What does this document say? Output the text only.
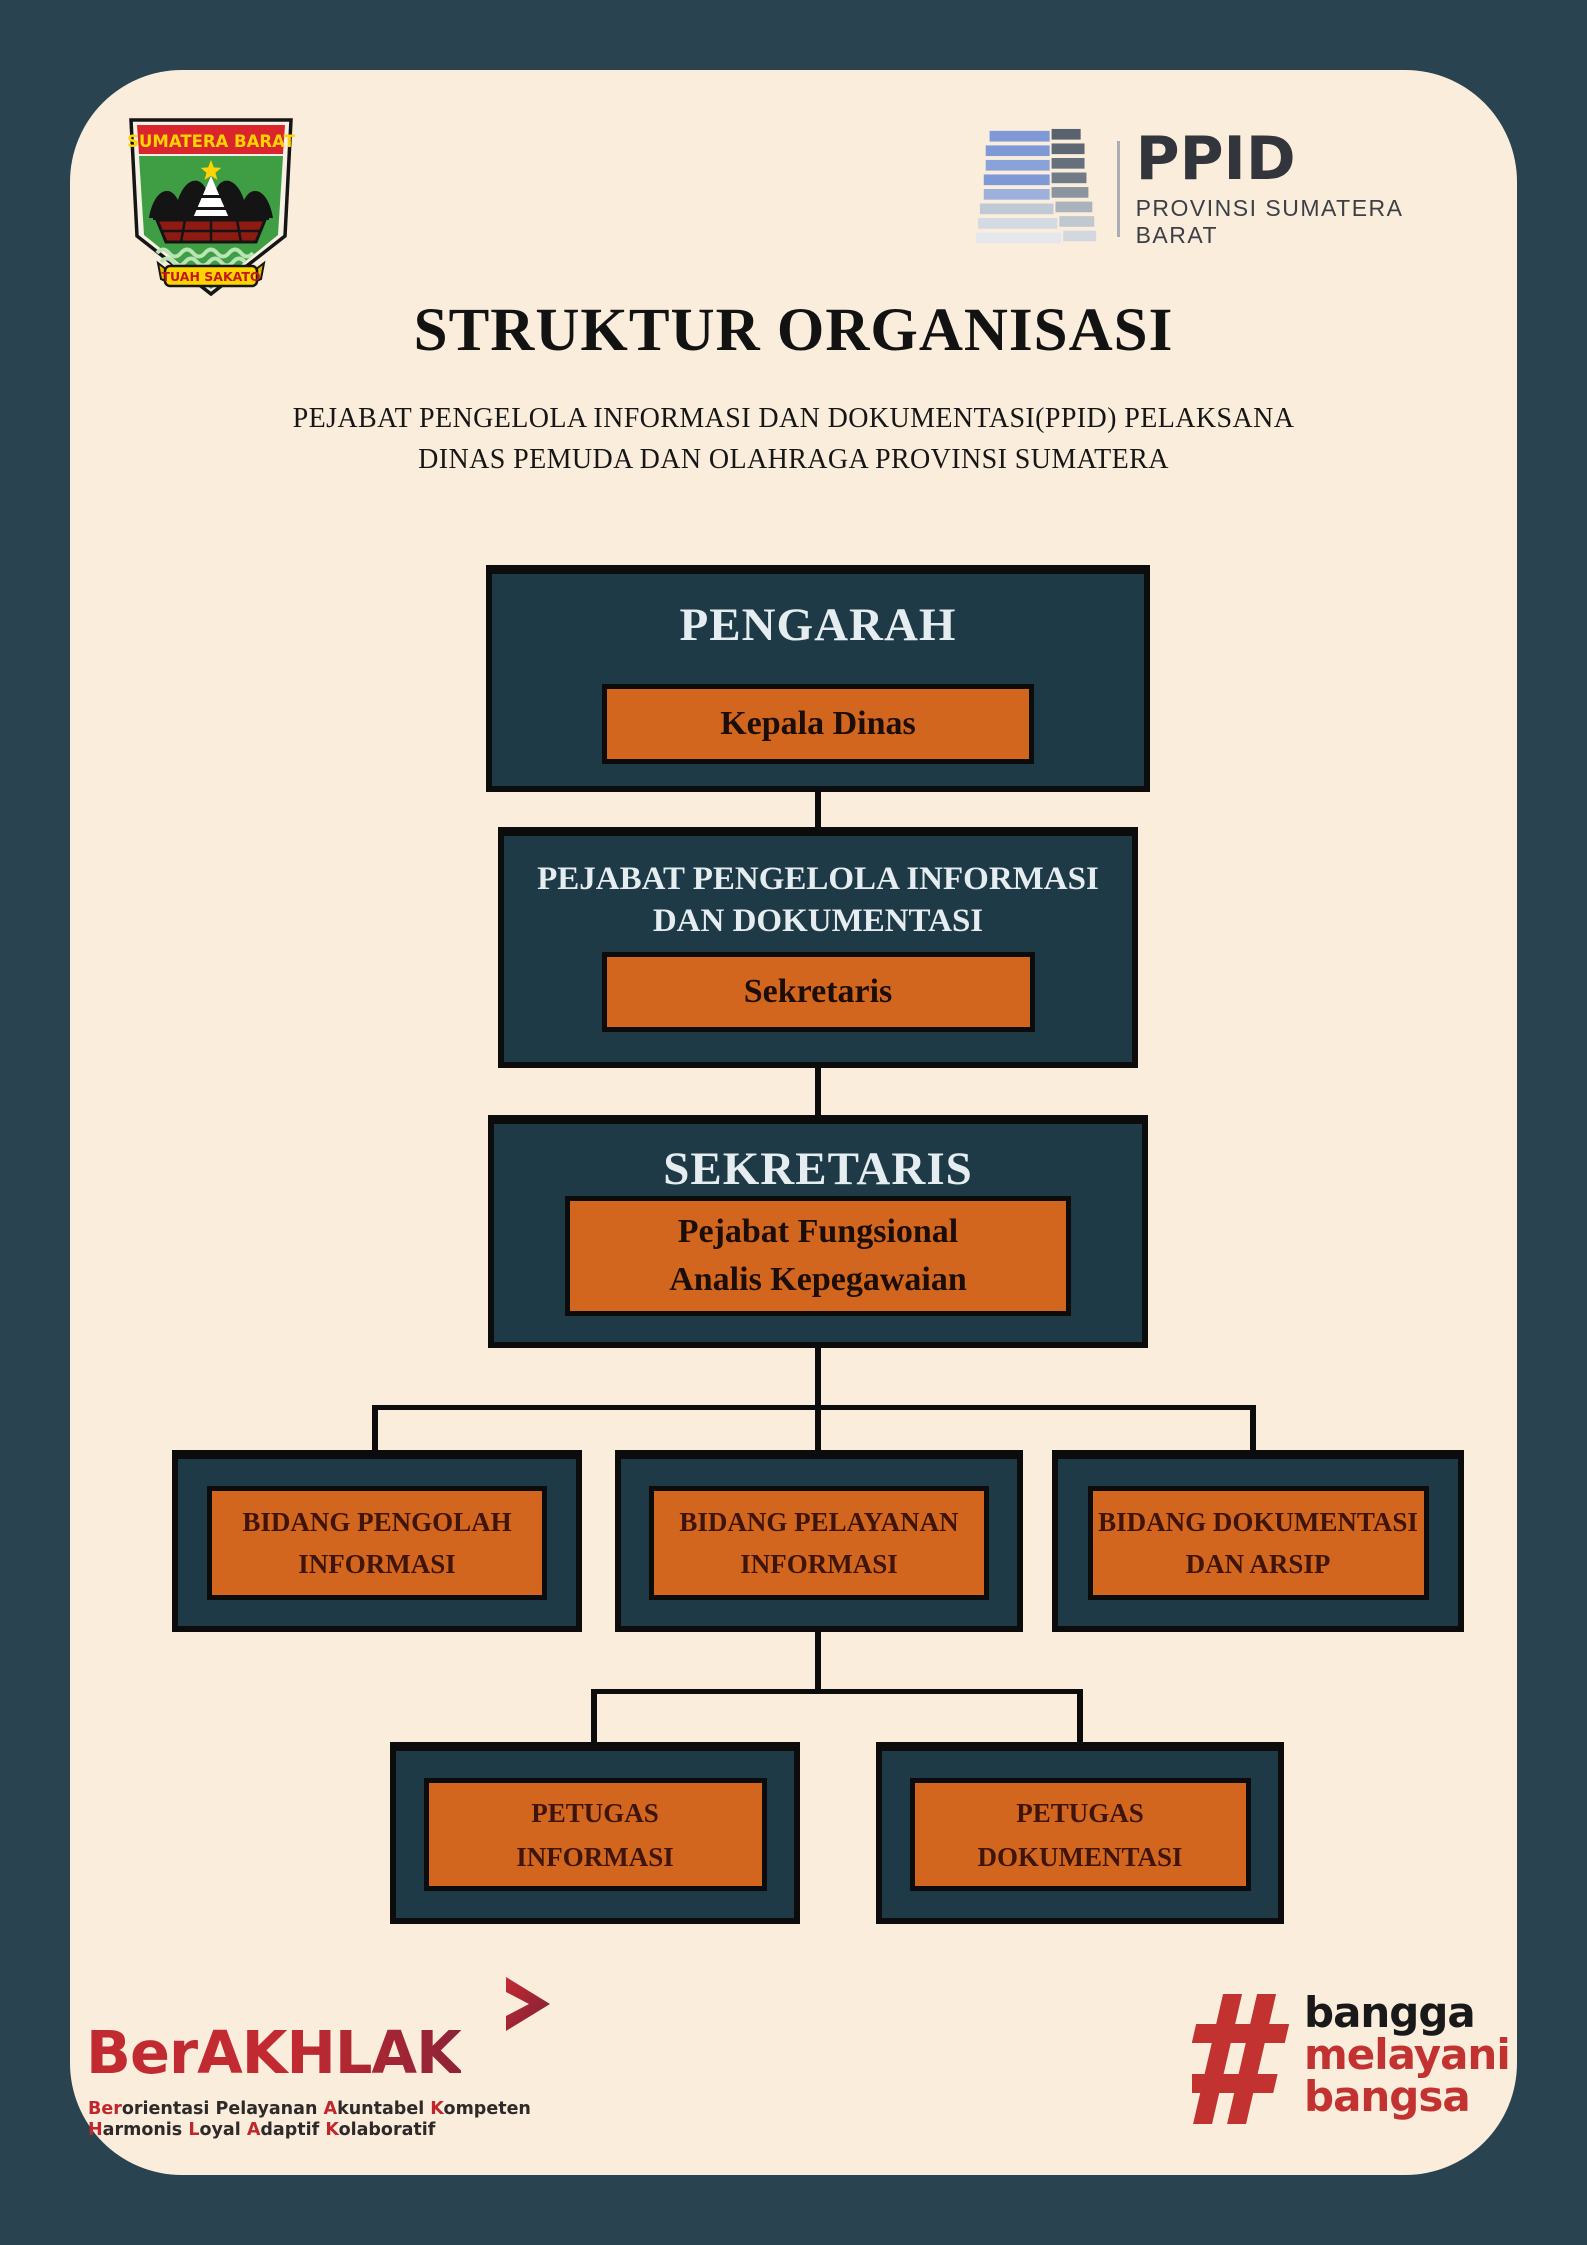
SUMATERA BARAT
TUAH SAKATO
PPID
PROVINSI SUMATERA BARAT
STRUKTUR ORGANISASI
PEJABAT PENGELOLA INFORMASI DAN DOKUMENTASI(PPID) PELAKSANA
DINAS PEMUDA DAN OLAHRAGA PROVINSI SUMATERA
PENGARAH
Kepala Dinas
PEJABAT PENGELOLA INFORMASI
DAN DOKUMENTASI
Sekretaris
SEKRETARIS
Pejabat Fungsional
Analis Kepegawaian
BIDANG PENGOLAH
INFORMASI
BIDANG PELAYANAN
INFORMASI
BIDANG DOKUMENTASI
DAN ARSIP
PETUGAS
INFORMASI
PETUGAS
DOKUMENTASI
BerAKHLAK
Berorientasi Pelayanan Akuntabel Kompeten
Harmonis Loyal Adaptif Kolaboratif
bangga
melayani
bangsa
